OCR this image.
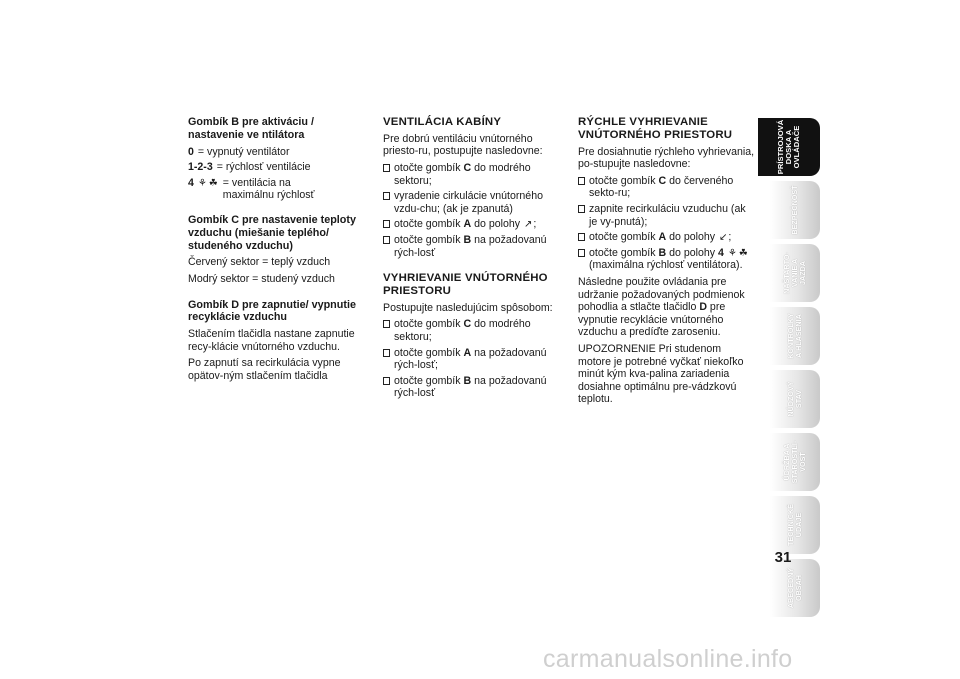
Gombík B pre aktiváciu / nastavenie ve ntilátora
0 = vypnutý ventilátor
1-2-3 = rýchlosť ventilácie
4 ⚘ ☘ = ventilácia na maximálnu rýchlosť
Gombík C pre nastavenie teploty vzduchu (miešanie teplého/ studeného vzduchu)

Červený sektor = teplý vzduch

Modrý sektor = studený vzduch

Gombík D pre zapnutie/ vypnutie recyklácie vzduchu

Stlačením tlačidla nastane zapnutie recy-klácie vnútorného vzduchu.

Po zapnutí sa recirkulácia vypne opätov-ným stlačením tlačidla

VENTILÁCIA KABÍNY

Pre dobrú ventiláciu vnútorného priesto-ru, postupujte nasledovne:

otočte gombík C do modrého sektoru;
vyradenie cirkulácie vnútorného vzdu-chu; (ak je zpanutá)
otočte gombík A do polohy ↗;
otočte gombík B na požadovanú rých-losť
VYHRIEVANIE VNÚTORNÉHO PRIESTORU

Postupujte nasledujúcim spôsobom:

otočte gombík C do modrého sektoru;
otočte gombík A na požadovanú rých-losť;
otočte gombík B na požadovanú rých-losť
RÝCHLE VYHRIEVANIE VNÚTORNÉHO PRIESTORU

Pre dosiahnutie rýchleho vyhrievania, po-stupujte nasledovne:

otočte gombík C do červeného sekto-ru;
zapnite recirkuláciu vzuduchu (ak je vy-pnutá);
otočte gombík A do polohy ↙;
otočte gombík B do polohy 4 ⚘ ☘ (maximálna rýchlosť ventilátora).

Následne použite ovládania pre udržanie požadovaných podmienok pohodlia a stlačte tlačidlo D pre vypnutie recyklácie vnútorného vzduchu a predíďte zaroseniu.

UPOZORNENIE Pri studenom motore je potrebné vyčkať niekoľko minút kým kva-palina zariadenia dosiahne optimálnu pre-vádzkovú teplotu.

PRÍSTROJOVÁ
DOSKA A
OVLÁDAČE
BEZPEČNOSŤ
NAŠTARTO-
VANIE A
JAZDA
KONTROLKY
A HLÁSENIA
NÚDZOVÝ
STAV
ÚDRŽBA A
STAROSTLI-
VOSŤ
TECHNICKÉ
ÚDAJE
ABECEDNÝ
OBSAH
31
carmanualsonline.info
